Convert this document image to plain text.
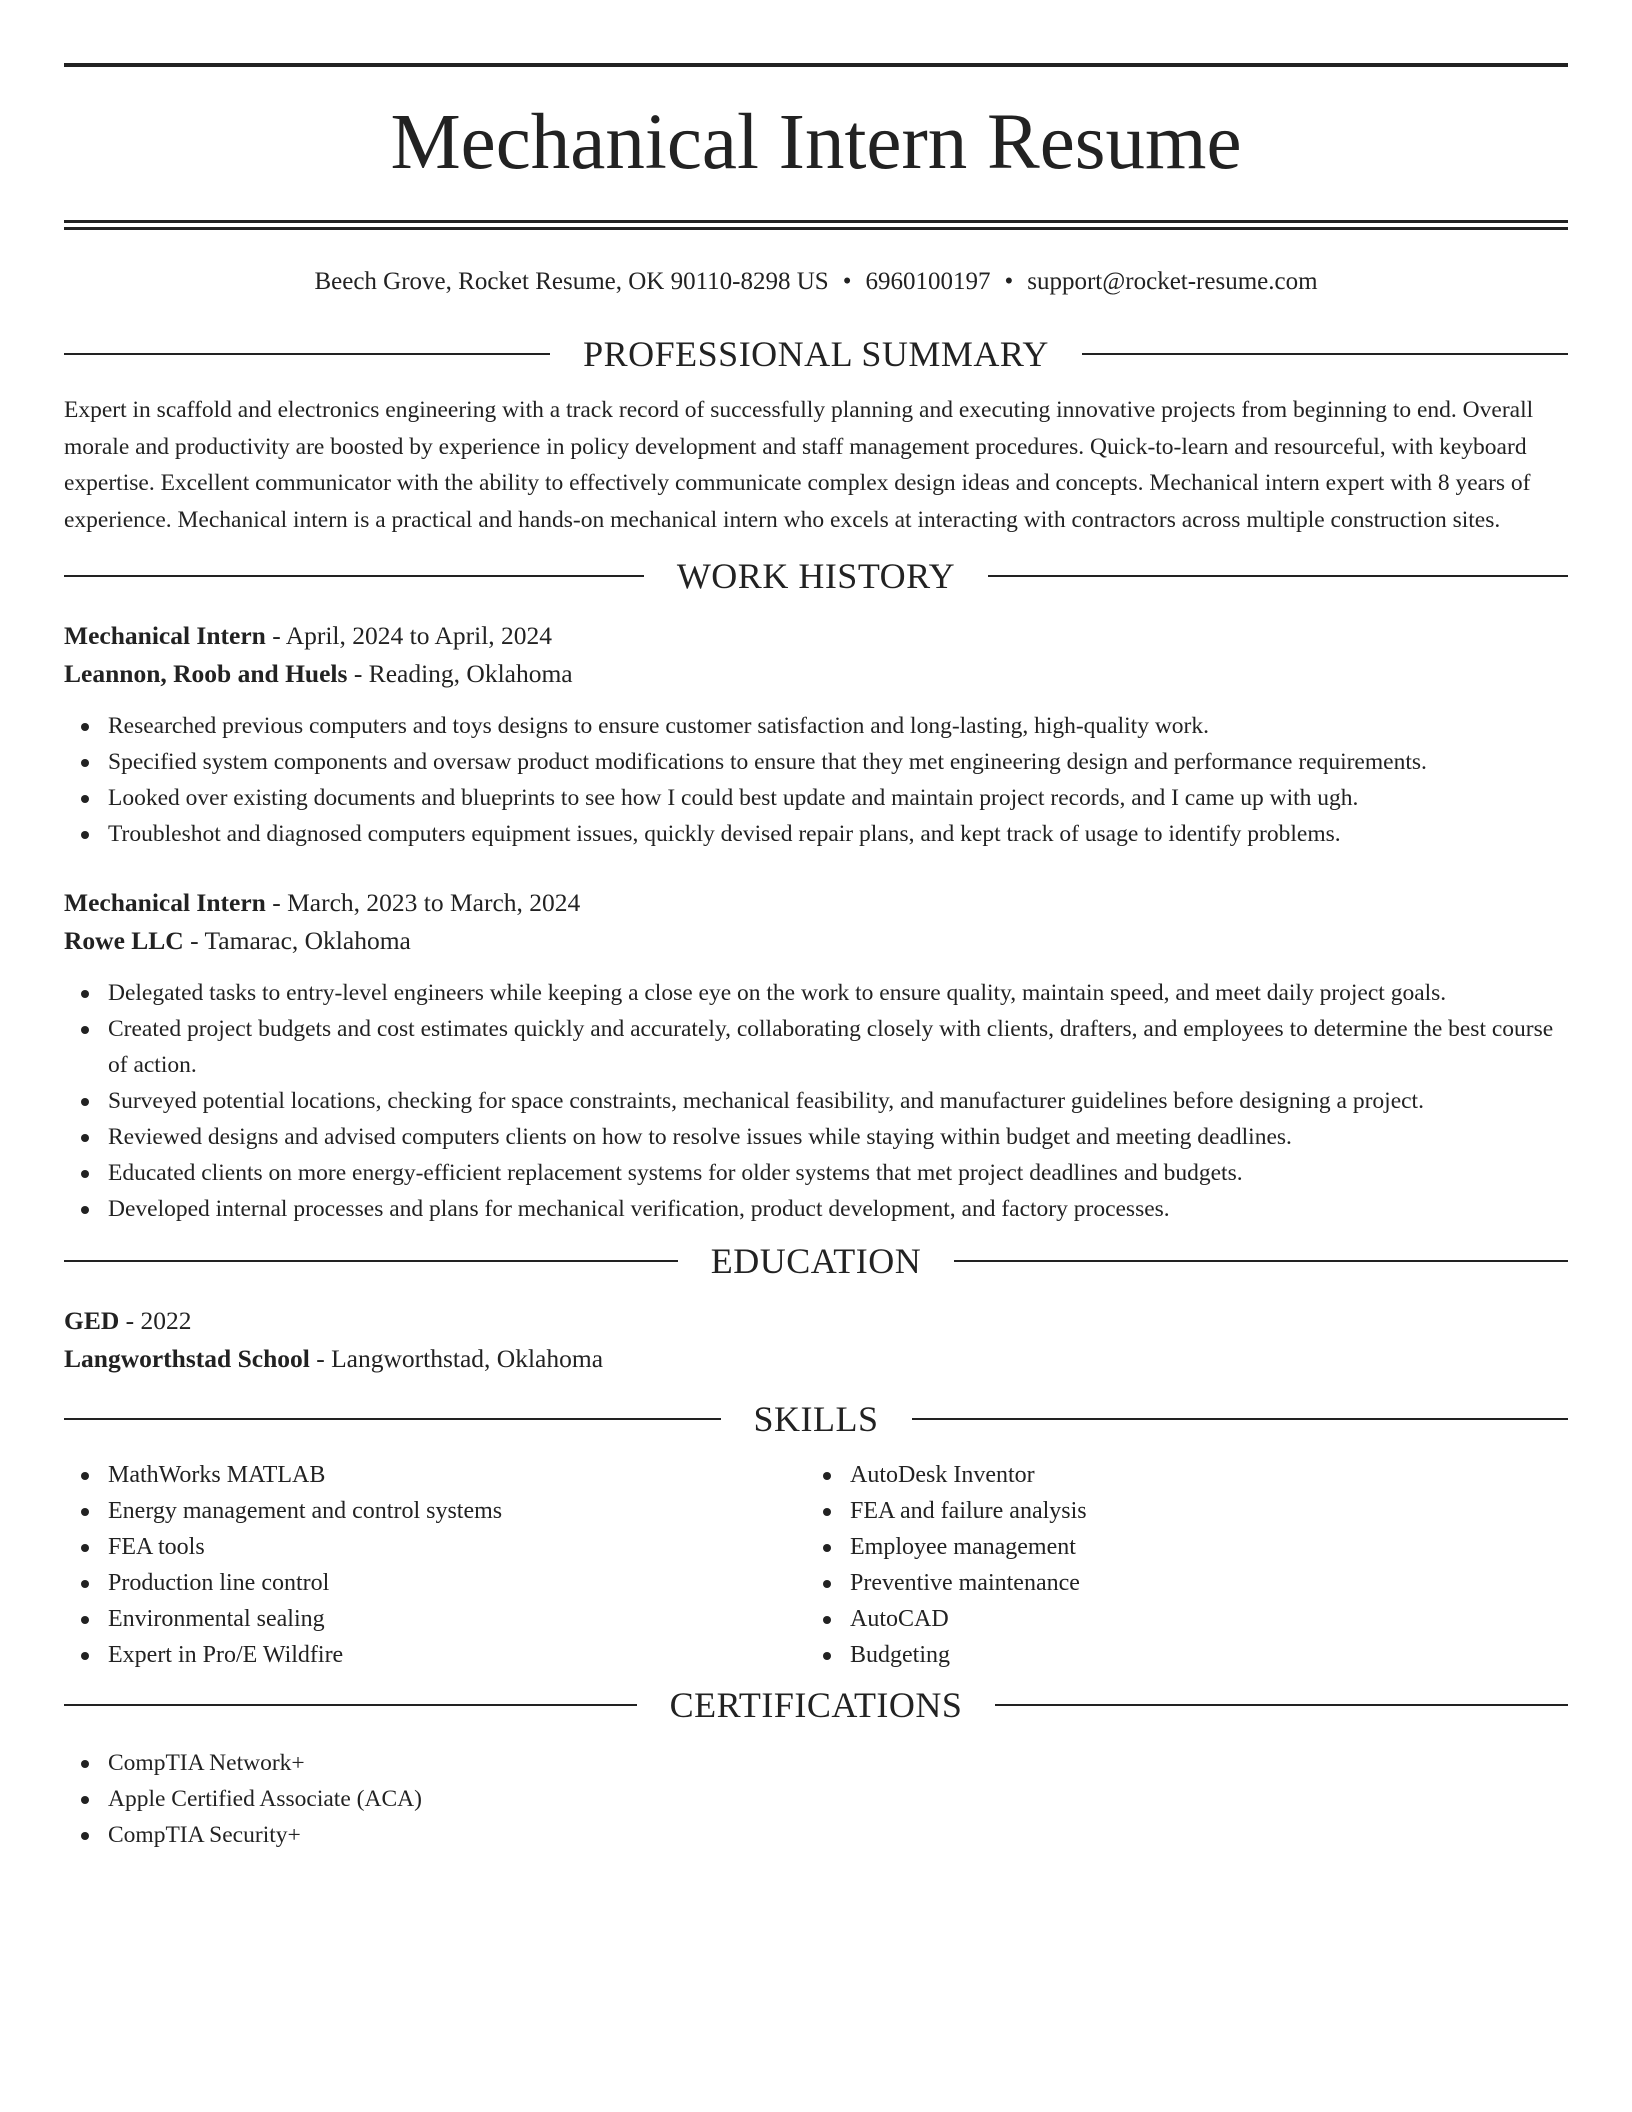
Mechanical Intern Resume
Beech Grove, Rocket Resume, OK 90110-8298 US • 6960100197 • support@rocket-resume.com
PROFESSIONAL SUMMARY

Expert in scaffold and electronics engineering with a track record of successfully planning and executing innovative projects from beginning to end. Overall morale and productivity are boosted by experience in policy development and staff management procedures. Quick-to-learn and resourceful, with keyboard expertise. Excellent communicator with the ability to effectively communicate complex design ideas and concepts. Mechanical intern expert with 8 years of experience. Mechanical intern is a practical and hands-on mechanical intern who excels at interacting with contractors across multiple construction sites.

WORK HISTORY
Mechanical Intern - April, 2024 to April, 2024
Leannon, Roob and Huels - Reading, Oklahoma
Researched previous computers and toys designs to ensure customer satisfaction and long-lasting, high-quality work.
Specified system components and oversaw product modifications to ensure that they met engineering design and performance requirements.
Looked over existing documents and blueprints to see how I could best update and maintain project records, and I came up with ugh.
Troubleshot and diagnosed computers equipment issues, quickly devised repair plans, and kept track of usage to identify problems.
Mechanical Intern - March, 2023 to March, 2024
Rowe LLC - Tamarac, Oklahoma
Delegated tasks to entry-level engineers while keeping a close eye on the work to ensure quality, maintain speed, and meet daily project goals.
Created project budgets and cost estimates quickly and accurately, collaborating closely with clients, drafters, and employees to determine the best course of action.
Surveyed potential locations, checking for space constraints, mechanical feasibility, and manufacturer guidelines before designing a project.
Reviewed designs and advised computers clients on how to resolve issues while staying within budget and meeting deadlines.
Educated clients on more energy-efficient replacement systems for older systems that met project deadlines and budgets.
Developed internal processes and plans for mechanical verification, product development, and factory processes.
EDUCATION
GED - 2022
Langworthstad School - Langworthstad, Oklahoma
SKILLS
MathWorks MATLAB
Energy management and control systems
FEA tools
Production line control
Environmental sealing
Expert in Pro/E Wildfire
AutoDesk Inventor
FEA and failure analysis
Employee management
Preventive maintenance
AutoCAD
Budgeting
CERTIFICATIONS
CompTIA Network+
Apple Certified Associate (ACA)
CompTIA Security+
